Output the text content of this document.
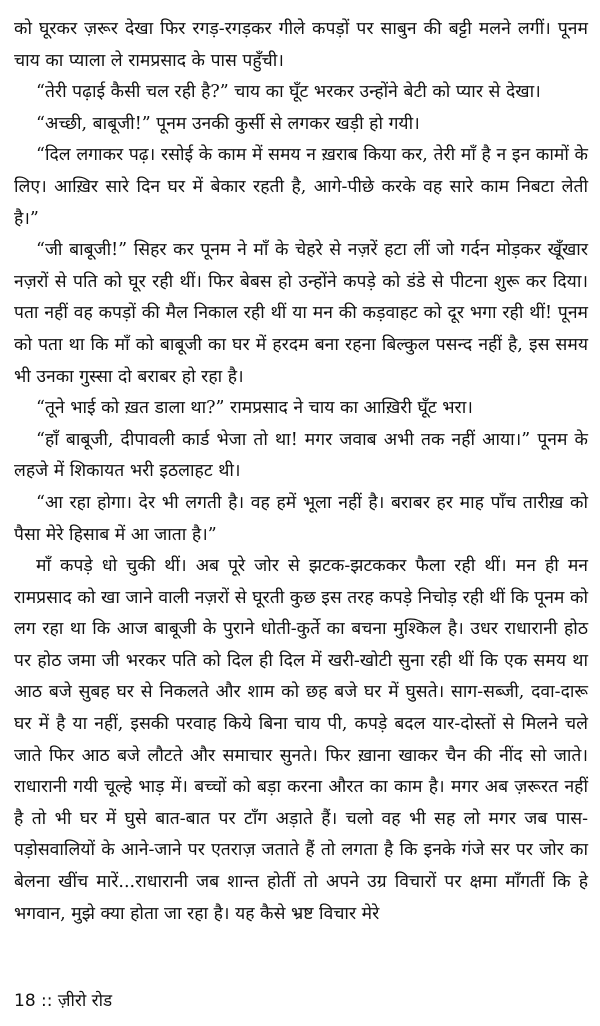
को घूरकर ज़रूर देखा फिर रगड़-रगड़कर गीले कपड़ों पर साबुन की बट्टी मलने लगीं। पूनम चाय का प्याला ले रामप्रसाद के पास पहुँची।

“तेरी पढ़ाई कैसी चल रही है?” चाय का घूँट भरकर उन्होंने बेटी को प्यार से देखा।

“अच्छी, बाबूजी!” पूनम उनकी कुर्सी से लगकर खड़ी हो गयी।

“दिल लगाकर पढ़। रसोई के काम में समय न ख़राब किया कर, तेरी माँ है न इन कामों के लिए। आख़िर सारे दिन घर में बेकार रहती है, आगे-पीछे करके वह सारे काम निबटा लेती है।”

“जी बाबूजी!” सिहर कर पूनम ने माँ के चेहरे से नज़रें हटा लीं जो गर्दन मोड़कर खूँखार नज़रों से पति को घूर रही थीं। फिर बेबस हो उन्होंने कपड़े को डंडे से पीटना शुरू कर दिया। पता नहीं वह कपड़ों की मैल निकाल रही थीं या मन की कड़वाहट को दूर भगा रही थीं! पूनम को पता था कि माँ को बाबूजी का घर में हरदम बना रहना बिल्कुल पसन्द नहीं है, इस समय भी उनका गुस्सा दो बराबर हो रहा है।

“तूने भाई को ख़त डाला था?” रामप्रसाद ने चाय का आख़िरी घूँट भरा।

“हाँ बाबूजी, दीपावली कार्ड भेजा तो था! मगर जवाब अभी तक नहीं आया।” पूनम के लहजे में शिकायत भरी इठलाहट थी।

“आ रहा होगा। देर भी लगती है। वह हमें भूला नहीं है। बराबर हर माह पाँच तारीख़ को पैसा मेरे हिसाब में आ जाता है।”

माँ कपड़े धो चुकी थीं। अब पूरे जोर से झटक-झटककर फैला रही थीं। मन ही मन रामप्रसाद को खा जाने वाली नज़रों से घूरती कुछ इस तरह कपड़े निचोड़ रही थीं कि पूनम को लग रहा था कि आज बाबूजी के पुराने धोती-कुर्ते का बचना मुश्किल है। उधर राधारानी होठ पर होठ जमा जी भरकर पति को दिल ही दिल में खरी-खोटी सुना रही थीं कि एक समय था आठ बजे सुबह घर से निकलते और शाम को छह बजे घर में घुसते। साग-सब्जी, दवा-दारू घर में है या नहीं, इसकी परवाह किये बिना चाय पी, कपड़े बदल यार-दोस्तों से मिलने चले जाते फिर आठ बजे लौटते और समाचार सुनते। फिर ख़ाना खाकर चैन की नींद सो जाते। राधारानी गयी चूल्हे भाड़ में। बच्चों को बड़ा करना औरत का काम है। मगर अब ज़रूरत नहीं है तो भी घर में घुसे बात-बात पर टाँग अड़ाते हैं। चलो वह भी सह लो मगर जब पास-पड़ोसवालियों के आने-जाने पर एतराज़ जताते हैं तो लगता है कि इनके गंजे सर पर जोर का बेलना खींच मारें...राधारानी जब शान्त होतीं तो अपने उग्र विचारों पर क्षमा माँगतीं कि हे भगवान, मुझे क्या होता जा रहा है। यह कैसे भ्रष्ट विचार मेरे

18 :: ज़ीरो रोड
